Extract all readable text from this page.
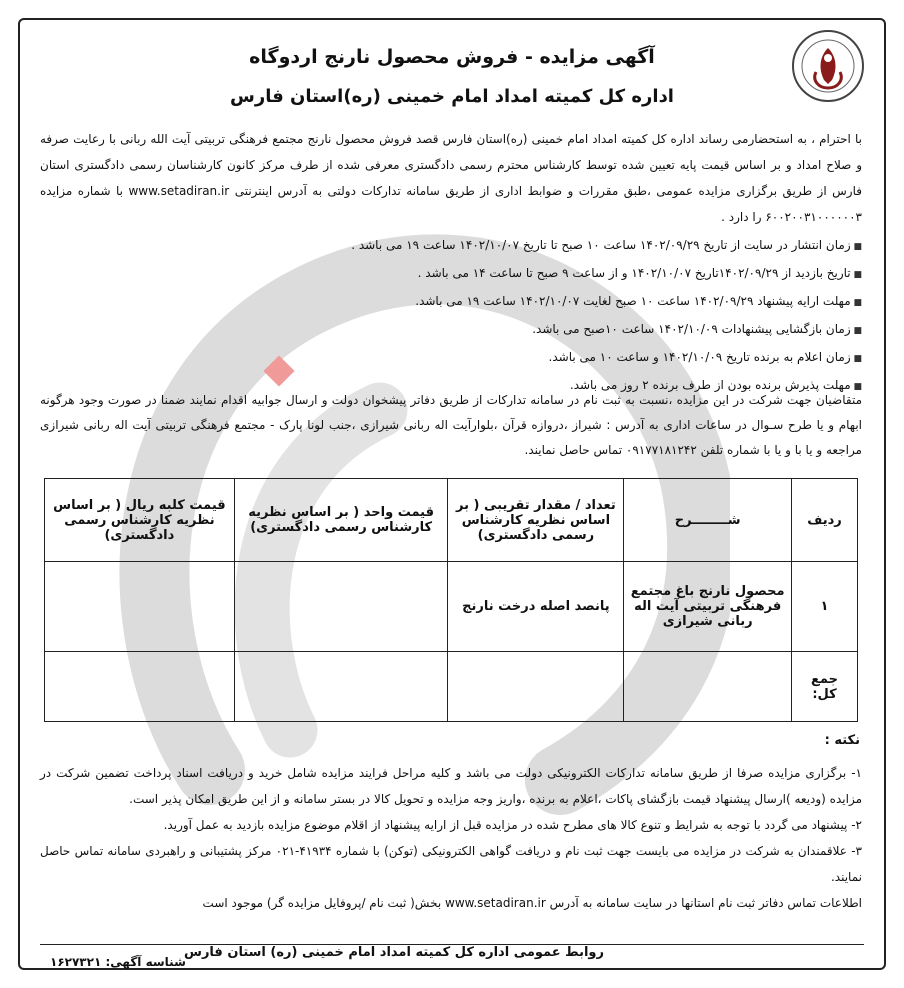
آگهی مزایده - فروش محصول نارنج اردوگاه
اداره کل کمیته امداد امام خمینی (ره)استان فارس
با احترام ، به استحضارمی رساند اداره کل کمیته امداد امام خمینی (ره)استان فارس قصد فروش محصول نارنج مجتمع فرهنگی تربیتی آیت الله ربانی با رعایت صرفه و صلاح امداد و بر اساس قیمت پایه تعیین شده توسط کارشناس محترم رسمی دادگستری معرفی شده از طرف مرکز کانون کارشناسان رسمی دادگستری استان فارس از طریق برگزاری مزایده عمومی ،طبق مقررات و ضوابط اداری از طریق سامانه تدارکات دولتی به آدرس اینترنتی www.setadiran.ir با شماره مزایده ۶۰۰۲۰۰۳۱۰۰۰۰۰۰۳ را دارد .
■ زمان انتشار در سایت از تاریخ ۱۴۰۲/۰۹/۲۹ ساعت ۱۰ صبح تا تاریخ ۱۴۰۲/۱۰/۰۷ ساعت ۱۹ می باشد .
■ تاریخ بازدید از ۱۴۰۲/۰۹/۲۹تاریخ ۱۴۰۲/۱۰/۰۷ و از ساعت ۹ صبح تا ساعت ۱۴ می باشد .
■ مهلت ارایه پیشنهاد ۱۴۰۲/۰۹/۲۹ ساعت ۱۰ صبح لغایت ۱۴۰۲/۱۰/۰۷ ساعت ۱۹ می باشد.
■ زمان بازگشایی پیشنهادات ۱۴۰۲/۱۰/۰۹ ساعت ۱۰صبح می باشد.
■ زمان اعلام به برنده تاریخ ۱۴۰۲/۱۰/۰۹ و ساعت ۱۰ می باشد.
■ مهلت پذیرش برنده بودن از طرف برنده ۲ روز می باشد.
متقاضیان جهت شرکت در این مزایده ،نسبت به ثبت نام در سامانه تدارکات از طریق دفاتر پیشخوان دولت و ارسال جوابیه اقدام نمایند ضمنا در صورت وجود هرگونه ابهام و یا طرح سـوال در ساعات اداری به آدرس : شیراز ،دروازه قرآن ،بلوارآیت اله ربانی شیرازی ،جنب لونا پارک - مجتمع فرهنگی تربیتی آیت اله ربانی شیرازی مراجعه و یا با و یا با شماره تلفن ۰۹۱۷۷۱۸۱۲۴۲ تماس حاصل نمایند.
ردیف	شــــــــرح	تعداد / مقدار تقریبی ( بر اساس نظریه کارشناس رسمی دادگستری)	قیمت واحد ( بر اساس نظریه کارشناس رسمی دادگستری)	قیمت کلبه ریال ( بر اساس نظریه کارشناس رسمی دادگستری)
۱	محصول نارنج باغ مجتمع فرهنگی تربیتی آیت اله ربانی شیرازی	پانصد اصله درخت نارنج		
جمع کل:				
نکته :

۱- برگزاری مزایده صرفا از طریق سامانه تدارکات الکترونیکی دولت می باشد و کلیه مراحل فرایند مزایده شامل خرید و دریافت اسناد پرداخت تضمین شرکت در مزایده (ودیعه )ارسال پیشنهاد قیمت بازگشای پاکات ،اعلام به برنده ،واریز وجه مزایده و تحویل کالا در بستر سامانه و از این طریق امکان پذیر است.

۲- پیشنهاد می گردد با توجه به شرایط و تنوع کالا های مطرح شده در مزایده قبل از ارایه پیشنهاد از اقلام موضوع مزایده بازدید به عمل آورید.

۳- علاقمندان به شرکت در مزایده می بایست جهت ثبت نام و دریافت گواهی الکترونیکی (توکن) با شماره ۴۱۹۳۴-۰۲۱ مرکز پشتیبانی و راهبردی سامانه تماس حاصل نمایند.

اطلاعات تماس دفاتر ثبت نام استانها در سایت سامانه به آدرس www.setadiran.ir بخش( ثبت نام /پروفایل مزایده گر) موجود است

روابط عمومی اداره کل کمیته امداد امام خمینی (ره) استان فارس
شناسه آگهی: ۱۶۲۷۳۲۱
